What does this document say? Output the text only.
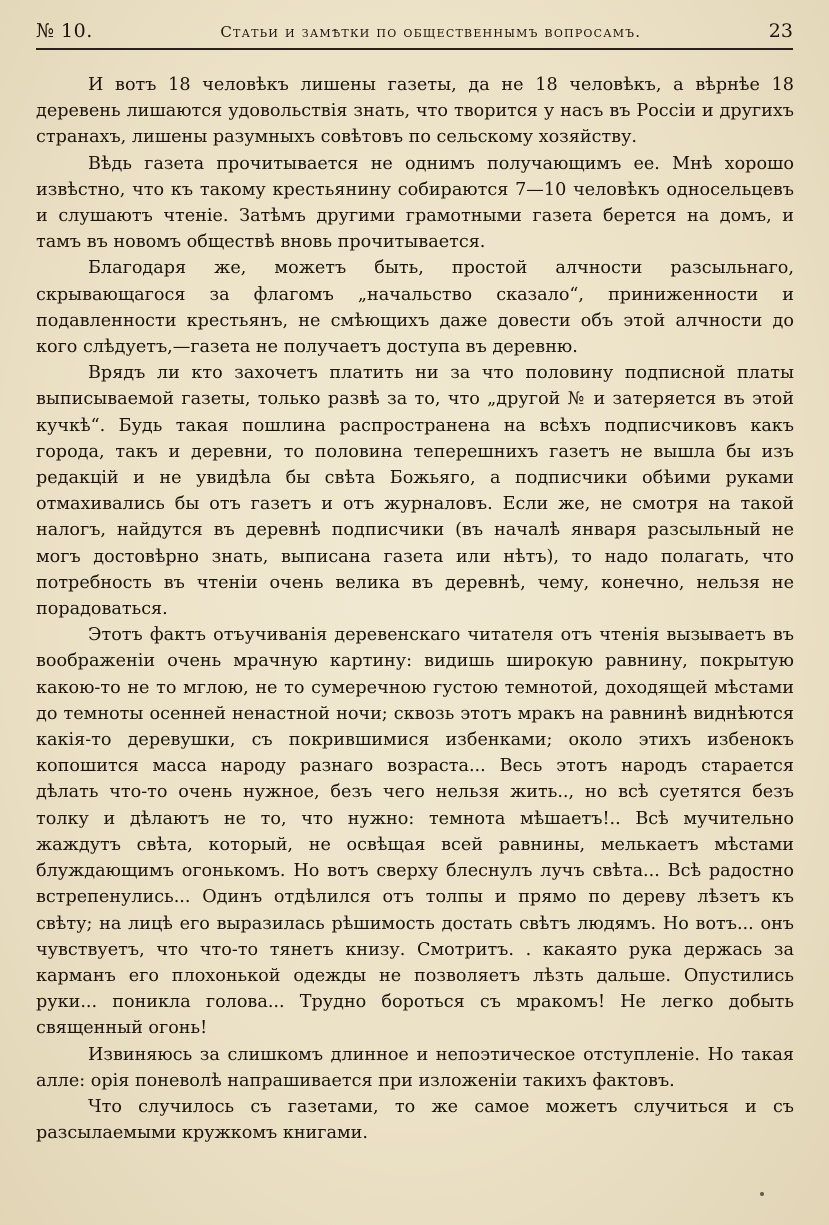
№ 10.	Статьи и замѣтки по общественнымъ вопросамъ.	23

И вотъ 18 человѣкъ лишены газеты, да не 18 человѣкъ, а вѣрнѣе 18 деревень лишаются удовольствія знать, что творится у насъ въ Россіи и другихъ странахъ, лишены разумныхъ совѣтовъ по сельскому хозяйству.

Вѣдь газета прочитывается не однимъ получающимъ ее. Мнѣ хорошо извѣстно, что къ такому крестьянину собираются 7—10 человѣкъ односельцевъ и слушаютъ чтеніе. Затѣмъ другими грамотными газета берется на домъ, и тамъ въ новомъ обществѣ вновь прочитывается.

Благодаря же, можетъ быть, простой алчности разсыльнаго, скрывающагося за флагомъ „начальство сказало“, приниженности и подавленности крестьянъ, не смѣющихъ даже довести объ этой алчности до кого слѣдуетъ,—газета не получаетъ доступа въ деревню.

Врядъ ли кто захочетъ платить ни за что половину подписной платы выписываемой газеты, только развѣ за то, что „другой № и затеряется въ этой кучкѣ“. Будь такая пошлина распространена на всѣхъ подписчиковъ какъ города, такъ и деревни, то половина теперешнихъ газетъ не вышла бы изъ редакцій и не увидѣла бы свѣта Божьяго, а подписчики обѣими руками отмахивались бы отъ газетъ и отъ журналовъ. Если же, не смотря на такой налогъ, найдутся въ деревнѣ подписчики (въ началѣ января разсыльный не могъ достовѣрно знать, выписана газета или нѣтъ), то надо полагать, что потребность въ чтеніи очень велика въ деревнѣ, чему, конечно, нельзя не порадоваться.

Этотъ фактъ отъучиванія деревенскаго читателя отъ чтенія вызываетъ въ воображеніи очень мрачную картину: видишь широкую равнину, покрытую какою-то не то мглою, не то сумеречною густою темнотой, доходящей мѣстами до темноты осенней ненастной ночи; сквозь этотъ мракъ на равнинѣ виднѣются какія-то деревушки, съ покрившимися избенками; около этихъ избенокъ копошится масса народу разнаго возраста... Весь этотъ народъ старается дѣлать что-то очень нужное, безъ чего нельзя жить.., но всѣ суетятся безъ толку и дѣлаютъ не то, что нужно: темнота мѣшаетъ!.. Всѣ мучительно жаждутъ свѣта, который, не освѣщая всей равнины, мелькаетъ мѣстами блуждающимъ огонькомъ. Но вотъ сверху блеснулъ лучъ свѣта... Всѣ радостно встрепенулись... Одинъ отдѣлился отъ толпы и прямо по дереву лѣзетъ къ свѣту; на лицѣ его выразилась рѣшимость достать свѣтъ людямъ. Но вотъ... онъ чувствуетъ, что что-то тянетъ книзу. Смотритъ. . какаято рука держась за карманъ его плохонькой одежды не позволяетъ лѣзть дальше. Опустились руки... поникла голова... Трудно бороться съ мракомъ! Не легко добыть священный огонь!

Извиняюсь за слишкомъ длинное и непоэтическое отступленіе. Но такая алле: орія поневолѣ напрашивается при изложеніи такихъ фактовъ.

Что случилось съ газетами, то же самое можетъ случиться и съ разсылаемыми кружкомъ книгами.
